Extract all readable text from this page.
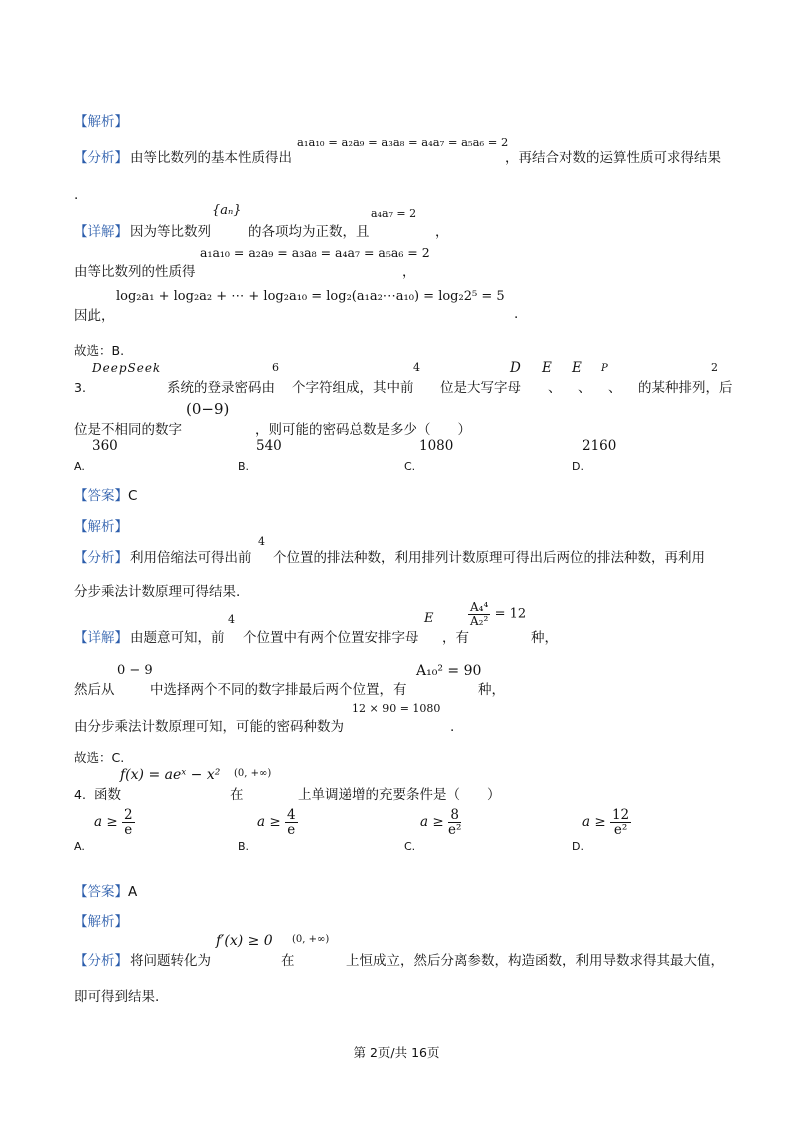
【解析】
a₁a₁₀ = a₂a₉ = a₃a₈ = a₄a₇ = a₅a₆ = 2
【分析】 由等比数列的基本性质得出	，再结合对数的运算性质可求得结果
.
{aₙ}	a₄a₇ = 2
【详解】 因为等比数列	的各项均为正数，且	，
a₁a₁₀ = a₂a₉ = a₃a₈ = a₄a₇ = a₅a₆ = 2
由等比数列的性质得	，
log₂a₁ + log₂a₂ + ⋯ + log₂a₁₀ = log₂(a₁a₂⋯a₁₀) = log₂2⁵ = 5
因此，	.
故选：B.
DeepSeek	6	4	D E E P	2
3.	系统的登录密码由 个字符组成，其中前 位是大写字母 、 、 、 的某种排列，后
(0−9)
位是不相同的数字	，则可能的密码总数是多少（　　）
360
A.
540
B.
1080
C.
2160
D.
【答案】 C
【解析】
4
【分析】 利用倍缩法可得出前 个位置的排法种数，利用排列计数原理可得出后两位的排法种数，再利用
分步乘法计数原理可得结果.
4	E	$\frac{\text{A₄⁴}}{\text{A₂²}} = 12$
【详解】 由题意可知，前 个位置中有两个位置安排字母 ，有	种，
0 − 9	A₁₀² = 90
然后从	中选择两个不同的数字排最后两个位置，有	种，
12 × 90 = 1080
由分步乘法计数原理可知，可能的密码种数为	.
故选：C.
f(x) = aeˣ − x² (0, +∞)
4. 函数	在	上单调递增的充要条件是（　　）
$a \ge \frac{2}{e}$
A.
$a \ge \frac{4}{e}$
B.
$a \ge \frac{8}{\text{e²}}$
C.
$a \ge \frac{12}{\text{e²}}$
D.
【答案】 A
【解析】
f′(x) ≥ 0 (0, +∞)
【分析】 将问题转化为	在	上恒成立，然后分离参数，构造函数，利用导数求得其最大值，
即可得到结果.
第 2页/共 16页
